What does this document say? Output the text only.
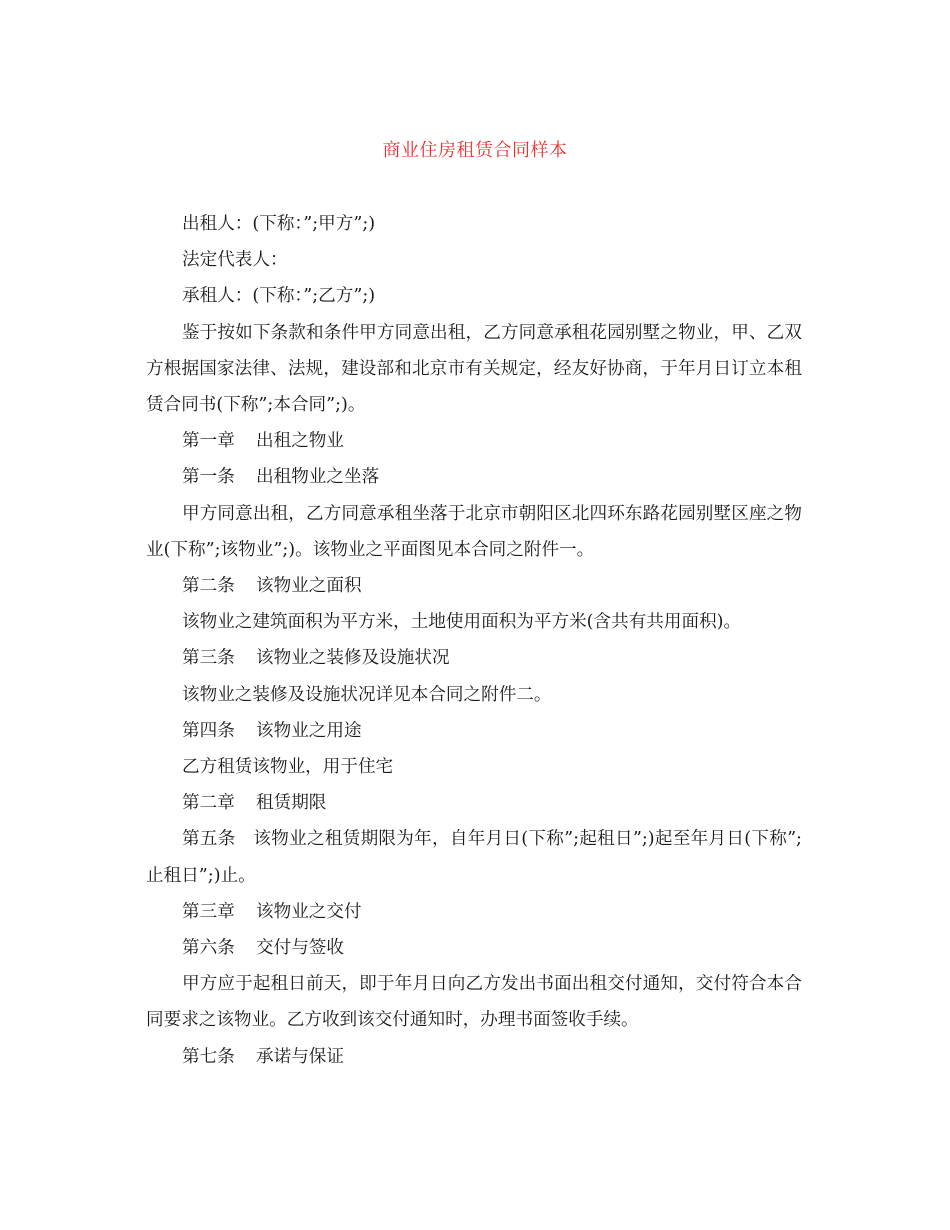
商业住房租赁合同样本

出租人：(下称：”;甲方”;)

法定代表人：

承租人：(下称：”;乙方”;)

鉴于按如下条款和条件甲方同意出租，乙方同意承租花园别墅之物业，甲、乙双方根据国家法律、法规，建设部和北京市有关规定，经友好协商，于年月日订立本租赁合同书(下称”;本合同”;)。

第一章 出租之物业

第一条 出租物业之坐落

甲方同意出租，乙方同意承租坐落于北京市朝阳区北四环东路花园别墅区座之物业(下称”;该物业”;)。该物业之平面图见本合同之附件一。

第二条 该物业之面积

该物业之建筑面积为平方米，土地使用面积为平方米(含共有共用面积)。

第三条 该物业之装修及设施状况

该物业之装修及设施状况详见本合同之附件二。

第四条 该物业之用途

乙方租赁该物业，用于住宅

第二章 租赁期限

第五条　该物业之租赁期限为年，自年月日(下称”;起租日”;)起至年月日(下称”;止租日”;)止。

第三章 该物业之交付

第六条 交付与签收

甲方应于起租日前天，即于年月日向乙方发出书面出租交付通知，交付符合本合同要求之该物业。乙方收到该交付通知时，办理书面签收手续。

第七条 承诺与保证
